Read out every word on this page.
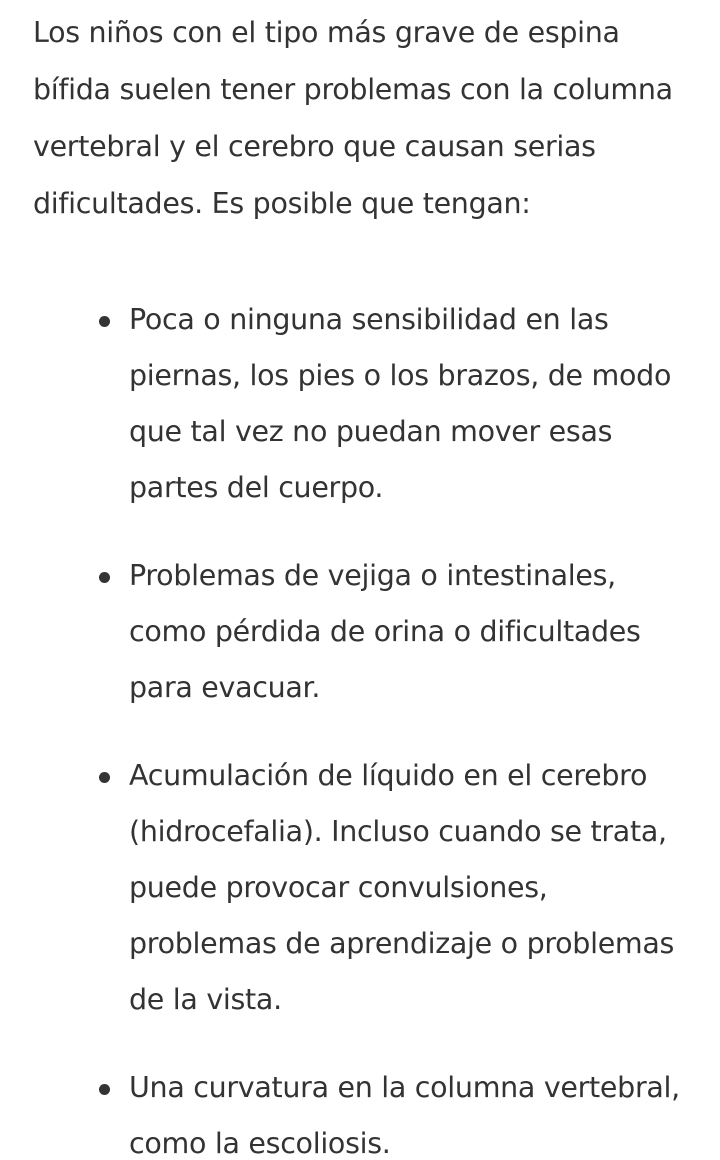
Los niños con el tipo más grave de espina bífida suelen tener problemas con la columna vertebral y el cerebro que causan serias dificultades. Es posible que tengan:

Poca o ninguna sensibilidad en las piernas, los pies o los brazos, de modo que tal vez no puedan mover esas partes del cuerpo.
Problemas de vejiga o intestinales, como pérdida de orina o dificultades para evacuar.
Acumulación de líquido en el cerebro (hidrocefalia). Incluso cuando se trata, puede provocar convulsiones, problemas de aprendizaje o problemas de la vista.
Una curvatura en la columna vertebral, como la escoliosis.
